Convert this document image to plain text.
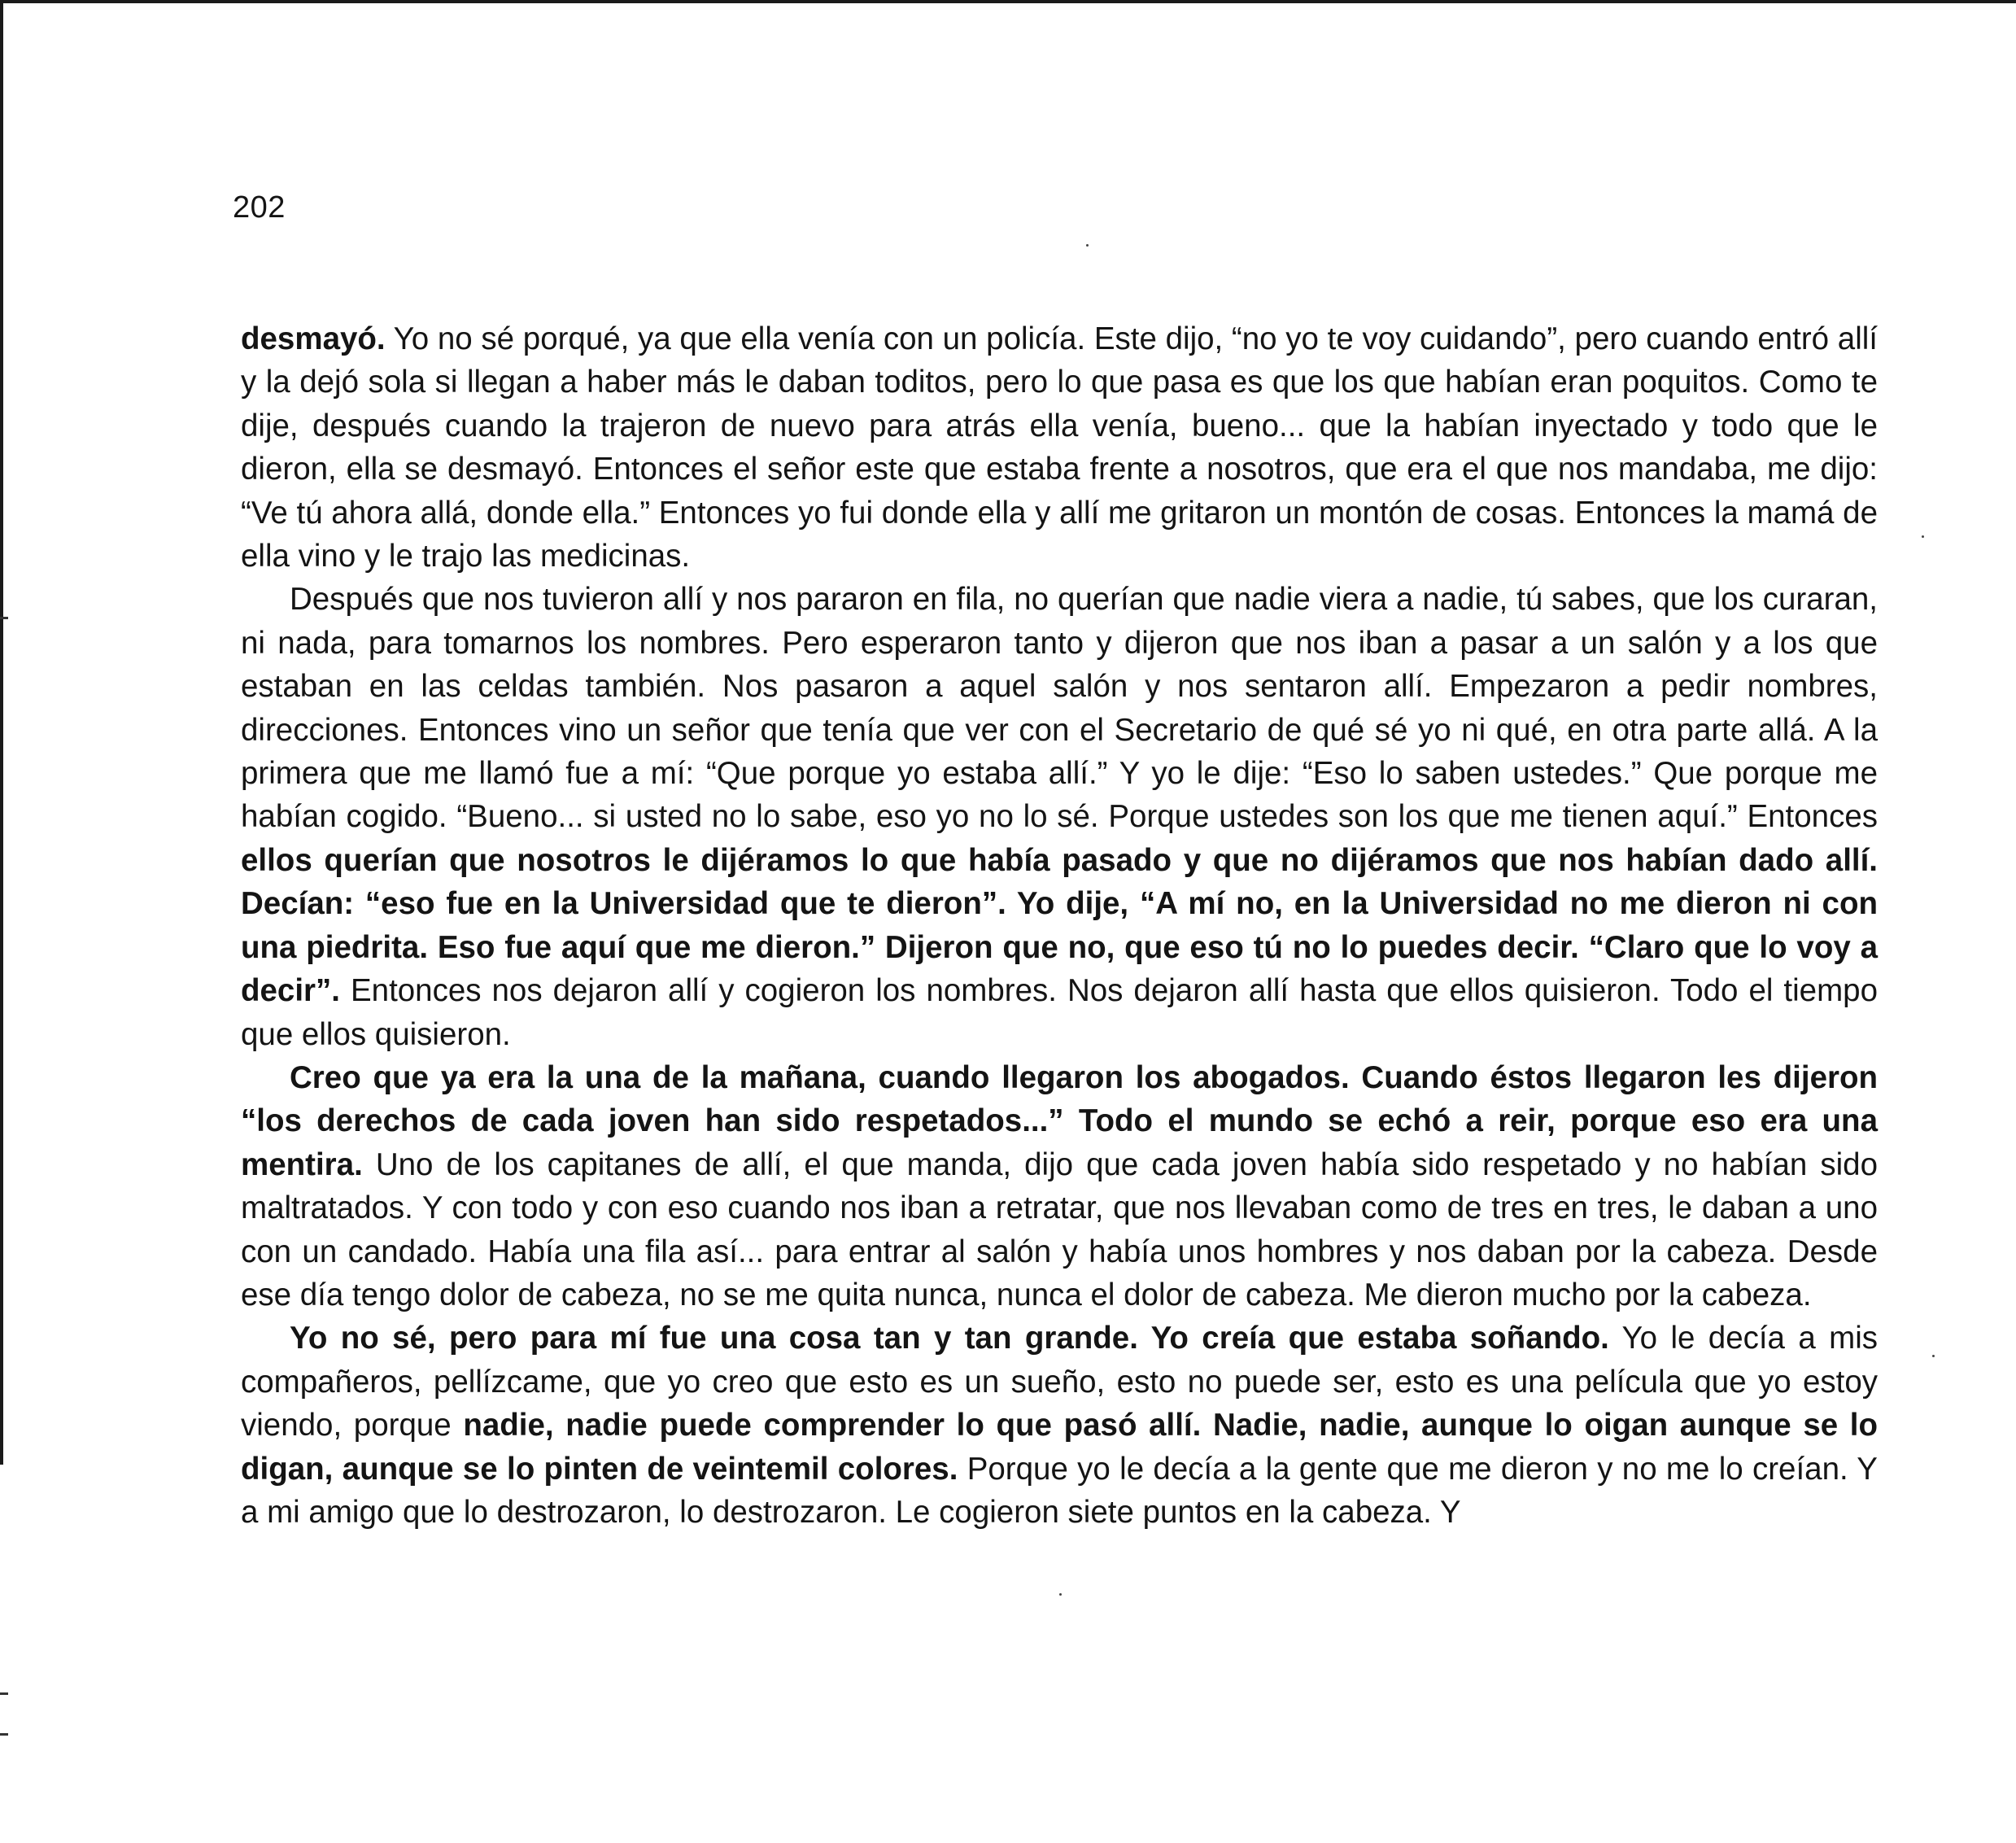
202

desmayó. Yo no sé porqué, ya que ella venía con un policía. Este dijo, “no yo te voy cuidando”, pero cuando entró allí y la dejó sola si llegan a haber más le daban toditos, pero lo que pasa es que los que habían eran poquitos. Como te dije, después cuando la trajeron de nuevo para atrás ella venía, bueno... que la habían inyectado y todo que le dieron, ella se desmayó. Entonces el señor este que estaba frente a nosotros, que era el que nos mandaba, me dijo: “Ve tú ahora allá, donde ella.” Entonces yo fui donde ella y allí me gritaron un montón de cosas. Entonces la mamá de ella vino y le trajo las medicinas.

Después que nos tuvieron allí y nos pararon en fila, no querían que nadie viera a nadie, tú sabes, que los curaran, ni nada, para tomarnos los nombres. Pero esperaron tanto y dijeron que nos iban a pasar a un salón y a los que estaban en las celdas también. Nos pasaron a aquel salón y nos sentaron allí. Empezaron a pedir nombres, direcciones. Entonces vino un señor que tenía que ver con el Secretario de qué sé yo ni qué, en otra parte allá. A la primera que me llamó fue a mí: “Que porque yo estaba allí.” Y yo le dije: “Eso lo saben ustedes.” Que porque me habían cogido. “Bueno... si usted no lo sabe, eso yo no lo sé. Porque ustedes son los que me tienen aquí.” Entonces ellos querían que nosotros le dijéramos lo que había pasado y que no dijéramos que nos habían dado allí. Decían: “eso fue en la Universidad que te dieron”. Yo dije, “A mí no, en la Universidad no me dieron ni con una piedrita. Eso fue aquí que me dieron.” Dijeron que no, que eso tú no lo puedes decir. “Claro que lo voy a decir”. Entonces nos dejaron allí y cogieron los nombres. Nos dejaron allí hasta que ellos quisieron. Todo el tiempo que ellos quisieron.

Creo que ya era la una de la mañana, cuando llegaron los abogados. Cuando éstos llegaron les dijeron “los derechos de cada joven han sido respetados...” Todo el mundo se echó a reir, porque eso era una mentira. Uno de los capitanes de allí, el que manda, dijo que cada joven había sido respetado y no habían sido maltratados. Y con todo y con eso cuando nos iban a retratar, que nos llevaban como de tres en tres, le daban a uno con un candado. Había una fila así... para entrar al salón y había unos hombres y nos daban por la cabeza. Desde ese día tengo dolor de cabeza, no se me quita nunca, nunca el dolor de cabeza. Me dieron mucho por la cabeza.

Yo no sé, pero para mí fue una cosa tan y tan grande. Yo creía que estaba soñando. Yo le decía a mis compañeros, pellízcame, que yo creo que esto es un sueño, esto no puede ser, esto es una película que yo estoy viendo, porque nadie, nadie puede comprender lo que pasó allí. Nadie, nadie, aunque lo oigan aunque se lo digan, aunque se lo pinten de veintemil colores. Porque yo le decía a la gente que me dieron y no me lo creían. Y a mi amigo que lo destrozaron, lo destrozaron. Le cogieron siete puntos en la cabeza. Y
